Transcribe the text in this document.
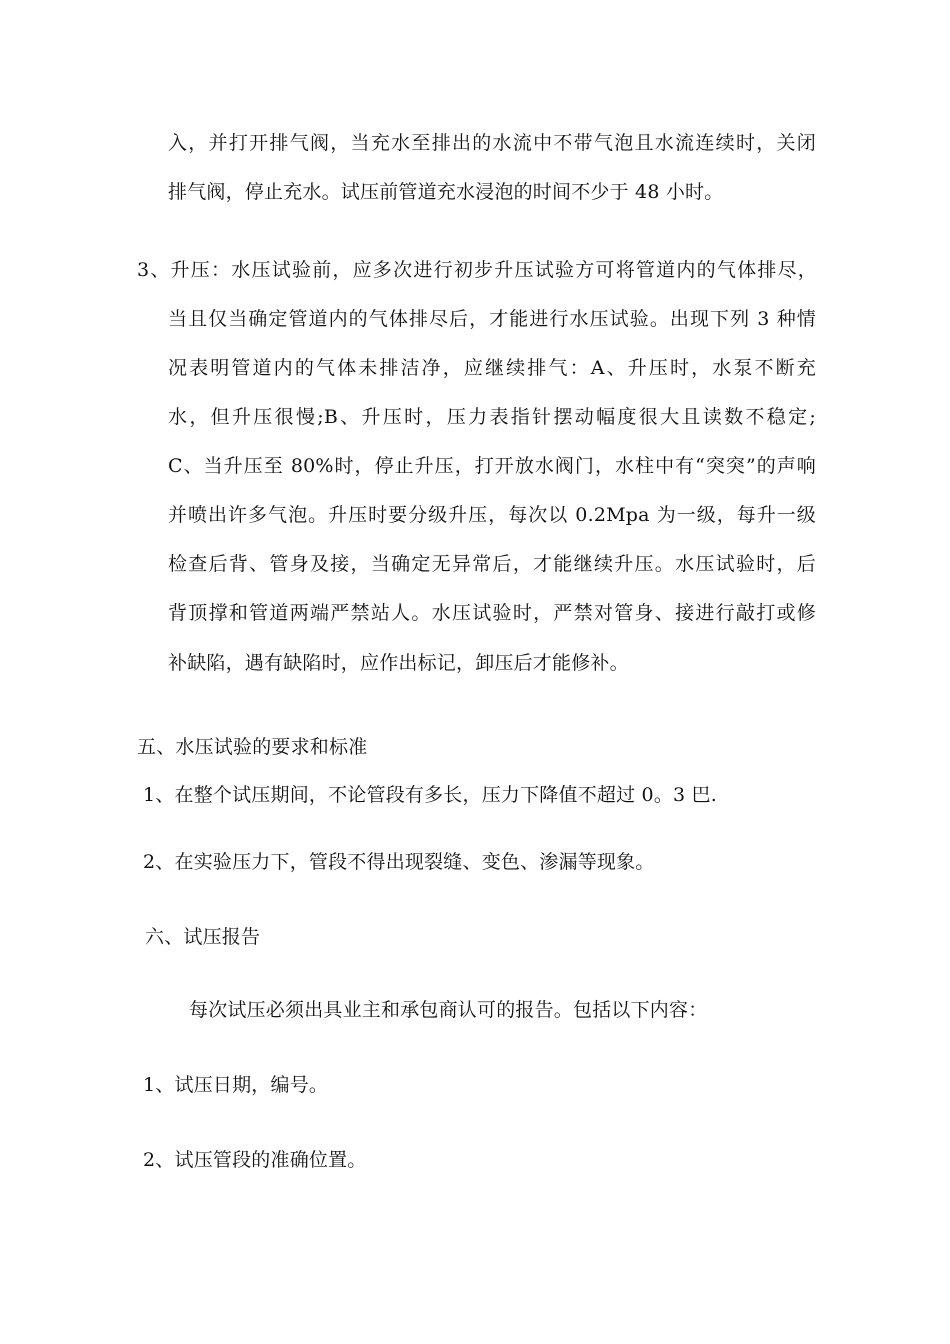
入，并打开排气阀，当充水至排出的水流中不带气泡且水流连续时，关闭
排气阀，停止充水。试压前管道充水浸泡的时间不少于 48 小时。
3、升压：水压试验前，应多次进行初步升压试验方可将管道内的气体排尽，
当且仅当确定管道内的气体排尽后，才能进行水压试验。出现下列 3 种情
况表明管道内的气体未排洁净，应继续排气：A、升压时，水泵不断充
水，但升压很慢;B、升压时，压力表指针摆动幅度很大且读数不稳定;
C、当升压至 80%时，停止升压，打开放水阀门，水柱中有“突突”的声响
并喷出许多气泡。升压时要分级升压，每次以 0.2Mpa 为一级，每升一级
检查后背、管身及接，当确定无异常后，才能继续升压。水压试验时，后
背顶撑和管道两端严禁站人。水压试验时，严禁对管身、接进行敲打或修
补缺陷，遇有缺陷时，应作出标记，卸压后才能修补。
五、水压试验的要求和标准
1、在整个试压期间，不论管段有多长，压力下降值不超过 0。3 巴.
2、在实验压力下，管段不得出现裂缝、变色、渗漏等现象。
六、试压报告
每次试压必须出具业主和承包商认可的报告。包括以下内容：
1、试压日期，编号。
2、试压管段的准确位置。
